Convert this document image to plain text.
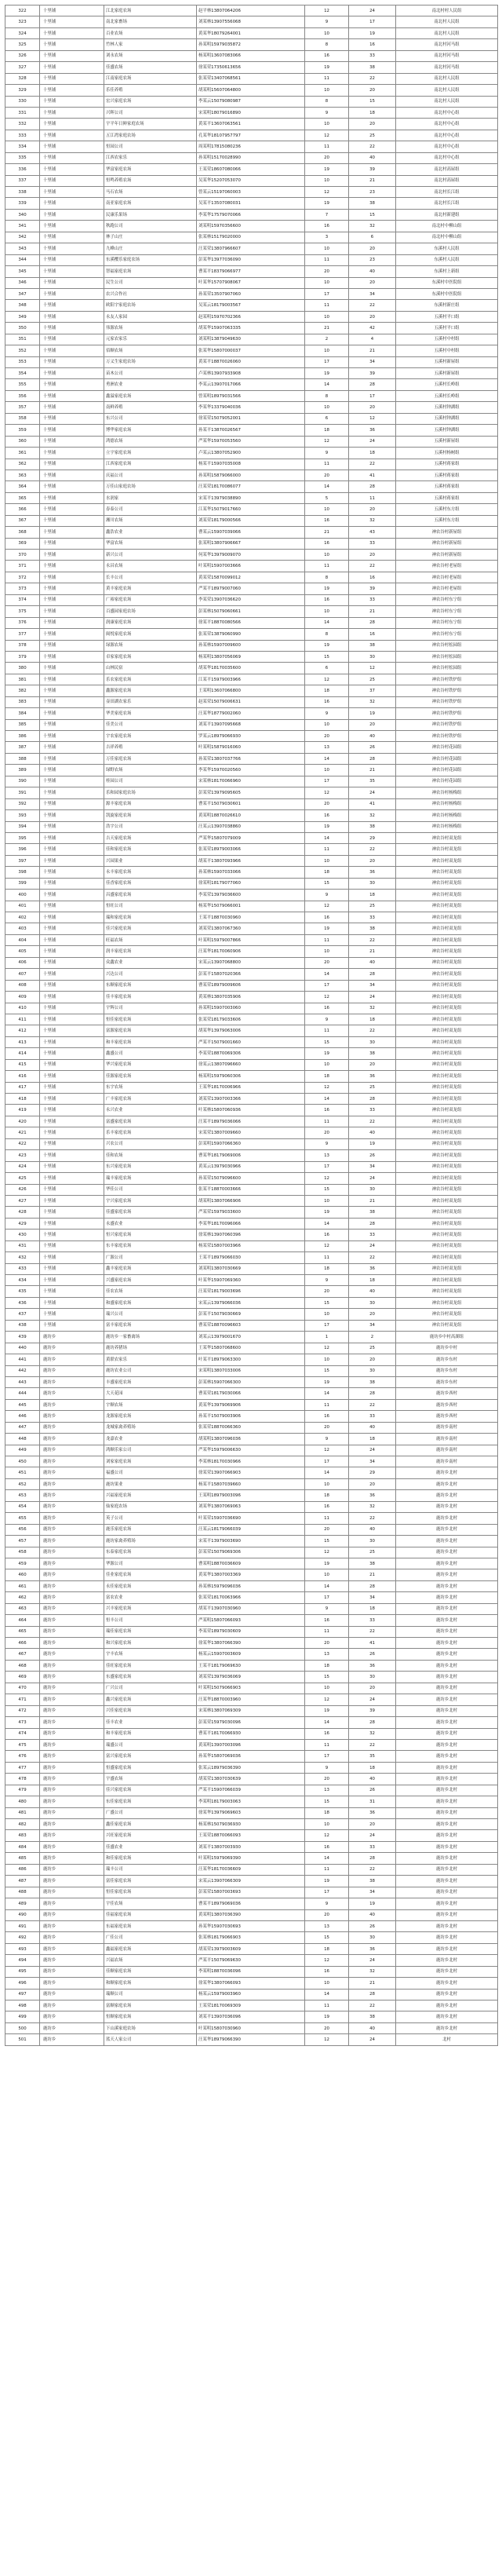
322	十里铺	江北家庭农场	赵平林13807064206	12	24	南北村村人民组
323	十里铺	南北家畜场	刘某林13907556068	9	17	南北村人民组
324	十里铺	百业农场	黄某华18079264001	10	19	南北村人民组
325	十里铺	竹林人家	孙某明15979035872	8	16	南北村河马组
326	十里铺	刘永农场	杨某明13607083066	16	33	南北村河马组
327	十里铺	佳盛农场	徐某荣17350613656	19	38	南北村河马组
328	十里铺	江南家庭农场	张某荣13407068561	11	22	南北村人民组
329	十里铺	乐佳养殖	胡某明15607064800	10	20	南北村人民组
330	十里铺	宏兴家庭农场	李某云15079080987	8	15	南北村人民组
331	十里铺	兴晖公司	宋某明18079016890	9	18	南北村中心组
332	十里铺	宇平年日鲜家庭农场	黄某平13607063561	10	20	南北村中心组
333	十里铺	五江湾家庭农场	孔某华18107957797	12	25	南北村中心组
334	十里铺	恒园公司	周某明17815080236	11	22	南北村中心组
335	十里铺	江西农家乐	孙某明15170028990	20	40	南北村中心组
336	十里铺	华富家庭农场	王某荣18607080066	19	39	南北村高屋组
337	十里铺	恒鸣养殖农场	吴某华15207053070	10	21	南北村高屋组
338	十里铺	马石农场	曾某云15197060003	12	23	南北村长江组
339	十里铺	南亚家庭农场	吴某平13507080031	19	38	南北村长江组
340	十里铺	民康乐果场	李某华17579070066	7	15	南北村新建组
341	十里铺	秋跑公司	刘某明15970356600	16	32	南北村中柳山组
342	十里铺	林子山庄	张某林15179020000	3	6	南北村中柳山组
343	十里铺	九峰山庄	汪某荣13807966607	10	20	东溪村人民组
344	十里铺	东溪樱乐家庭农场	彭某华13977036090	11	23	东溪村人民组
345	十里铺	智福家庭农场	曹某平18379066977	20	40	东溪村上新组
346	十里铺	民生公司	叶某华15707908067	10	20	东溪村中医院组
347	十里铺	农兴合作社	孙某荣13507907060	17	34	东溪村中医院组
348	十里铺	欧阳宇家庭农场	吴某云18179003567	11	22	东溪村新庄组
349	十里铺	永友人家园	赵某明15970702366	10	20	五溪村平口组
350	十里铺	伟源农场	胡某华15907063335	21	42	五溪村平口组
351	十里铺	元家农家乐	刘某明13879049630	2	4	五溪村中村组
352	十里铺	佰顺农场	张某华15807000037	10	21	五溪村中村组
353	十里铺	万义生家庭农场	黄某平18870026060	17	34	五溪村新屋组
354	十里铺	苗木公司	卢某林13907933908	19	39	五溪村新屋组
355	十里铺	勇洲农业	李某云13907017066	14	28	五溪村长岭组
356	十里铺	鑫溢家庭农场	曾某明18979031566	8	17	五溪村长岭组
357	十里铺	南鲜养殖	李某华13379040036	10	20	五溪村钟湖组
358	十里铺	东兴公司	徐某荣15079052001	6	12	五溪村钟湖组
359	十里铺	博华家庭农场	孙某平13870026567	18	36	五溪村钟湖组
360	十里铺	鸿德农场	严某华15970053560	12	24	五溪村新屋组
361	十里铺	立宇家庭农场	卢某云13807052900	9	18	五溪村杨树组
362	十里铺	江西家庭农场	杨某平15907035008	11	22	五溪村蒋家组
363	十里铺	庆福公司	孙某明15879066000	20	41	五溪村蒋家组
364	十里铺	万佳山家庭农场	汪某荣18170086077	14	28	五溪村蒋家组
365	十里铺	水润家	宋某平13979038890	5	11	五溪村蒋家组
366	十里铺	春泰公司	江某华15079017660	10	20	五溪村东方组
367	十里铺	湘川农场	刘某荣18179000566	16	32	五溪村东方组
368	十里铺	鑫浩农业	曹某云15907039066	21	43	神农谷村新屋组
369	十里铺	华富农场	张某明13807906667	16	33	神农谷村新屋组
370	十里铺	新兴公司	何某华13979009070	10	20	神农谷村新屋组
371	十里铺	永昌农场	叶某明15907003666	11	22	神农谷村老屋组
372	十里铺	长丰公司	黄某荣15870099012	8	16	神农谷村老屋组
373	十里铺	黄丰家庭农场	严某平18979007060	19	39	神农谷村老屋组
374	十里铺	广裕家庭农场	李某荣13907036620	16	33	神农谷村东宁组
375	十里铺	百盛园家庭农场	彭某林15079060661	10	21	神农谷村东宁组
376	十里铺	润康家庭农场	徐某平18870080566	14	28	神农谷村东宁组
377	十里铺	闽悦家庭农场	张某荣13879060990	8	16	神农谷村东宁组
378	十里铺	绿源农场	孙某林15907009600	19	38	神农谷村松园组
379	十里铺	卓家家庭农场	杨某明13807056069	15	30	神农谷村松园组
380	十里铺	山林民宿	胡某华18170035600	6	12	神农谷村松园组
381	十里铺	乐农家庭农场	江某平15979003966	12	25	神农谷村铁炉组
382	十里铺	鑫源家庭农场	王某明13607066800	18	37	神农谷村铁炉组
383	十里铺	壶田湖农家乐	赵某荣15079006631	16	32	神农谷村铁炉组
384	十里铺	华美家庭农场	汪某华18779002060	9	19	神农谷村铁炉组
385	十里铺	佳美公司	刘某平13907095668	10	20	神农谷村铁炉组
386	十里铺	宇农家庭农场	罗某云18979066930	20	40	神农谷村铁炉组
387	十里铺	吉祥养殖	叶某明15879016060	13	26	神农谷村花园组
388	十里铺	万佳家庭农场	孙某荣13807037766	14	28	神农谷村花园组
389	十里铺	绿野农场	李某华15970020560	10	21	神农谷村花园组
390	十里铺	桂园公司	宋某林18170066960	17	35	神农谷村花园组
391	十里铺	乐和园家庭农场	彭某荣13979095605	12	24	神农谷村杨梅组
392	十里铺	源丰家庭农场	曹某平15079030601	20	41	神农谷村杨梅组
393	十里铺	凯旋家庭农场	黄某明18870026610	16	32	神农谷村杨梅组
394	十里铺	浩宇公司	汪某云13907038860	19	38	神农谷村杨梅组
395	十里铺	吉天家庭农场	严某华15807079009	14	29	神农谷村双龙组
396	十里铺	佳和家庭农场	张某荣18979003066	11	22	神农谷村双龙组
397	十里铺	兴园果业	胡某平13807093966	10	20	神农谷村双龙组
398	十里铺	永丰家庭农场	孙某林15907033066	18	36	神农谷村双龙组
399	十里铺	佳香家庭农场	徐某明18179077060	15	30	神农谷村双龙组
400	十里铺	昌盛家庭农场	李某荣13979036600	9	18	神农谷村双龙组
401	十里铺	恒旺公司	杨某华15079066001	12	25	神农谷村双龙组
402	十里铺	瑞和家庭农场	王某平18870030960	16	33	神农谷村双龙组
403	十里铺	佳兴家庭农场	刘某荣13807067360	19	38	神农谷村双龙组
404	十里铺	旺福农场	叶某明15979007866	11	22	神农谷村双龙组
405	十里铺	润丰家庭农场	汪某华18170060906	10	21	神农谷村双龙组
406	十里铺	众鑫农业	宋某云13907068800	20	40	神农谷村双龙组
407	十里铺	兴达公司	彭某平15807020366	14	28	神农谷村双龙组
408	十里铺	东顺家庭农场	曹某荣18979009606	17	34	神农谷村双龙组
409	十里铺	佳丰家庭农场	黄某林13807035906	12	24	神农谷村双龙组
410	十里铺	宇辉公司	孙某明15907003060	16	32	神农谷村双龙组
411	十里铺	恒佳家庭农场	张某荣18179033606	9	18	神农谷村双龙组
412	十里铺	富源家庭农场	胡某华13979063006	11	22	神农谷村双龙组
413	十里铺	和丰家庭农场	严某平15079001660	15	30	神农谷村双龙组
414	十里铺	鑫盛公司	李某荣18870069306	19	38	神农谷村双龙组
415	十里铺	华兴家庭农场	徐某云13807096660	10	20	神农谷村双龙组
416	十里铺	佳源家庭农场	杨某明15979060306	18	36	神农谷村双龙组
417	十里铺	东宇农场	王某华18170006966	12	25	神农谷村双龙组
418	十里铺	广丰家庭农场	刘某荣13907003366	14	28	神农谷村双龙组
419	十里铺	永兴农业	叶某林15807060936	16	33	神农谷村双龙组
420	十里铺	富盛家庭农场	汪某平18979036066	11	22	神农谷村双龙组
421	十里铺	乐丰家庭农场	宋某荣13807009660	20	40	神农谷村双龙组
422	十里铺	兴农公司	彭某明15907066360	9	19	神农谷村双龙组
423	十里铺	佳和农场	曹某华18179069006	13	26	神农谷村双龙组
424	十里铺	东兴家庭农场	黄某云13979030966	17	34	神农谷村双龙组
425	十里铺	瑞丰家庭农场	孙某荣15079096600	12	24	神农谷村双龙组
426	十里铺	华佳公司	张某平18870003666	15	30	神农谷村双龙组
427	十里铺	宇兴家庭农场	胡某明13807066906	10	21	神农谷村双龙组
428	十里铺	佳盛家庭农场	严某荣15979033600	19	38	神农谷村双龙组
429	十里铺	永盛农业	李某华18170096066	14	28	神农谷村双龙组
430	十里铺	恒兴家庭农场	徐某林13907060396	16	33	神农谷村双龙组
431	十里铺	东丰家庭农场	杨某荣15807003966	12	24	神农谷村双龙组
432	十里铺	广源公司	王某平18979066030	11	22	神农谷村双龙组
433	十里铺	鑫丰家庭农场	刘某明13807030669	18	36	神农谷村双龙组
434	十里铺	兴盛家庭农场	叶某华15907069360	9	18	神农谷村双龙组
435	十里铺	佳农农场	汪某荣18179003696	20	40	神农谷村双龙组
436	十里铺	和盛家庭农场	宋某云13979066036	15	30	神农谷村双龙组
437	十里铺	瑞兴公司	彭某平15079030669	10	20	神农谷村双龙组
438	十里铺	富丰家庭农场	曹某荣18870096603	17	34	神农谷村双龙组
439	鹿坊乡	鹿坊乡一家畜禽场	刘某云13979001670	1	2	鹿坊乡中村高湖组
440	鹿坊乡	鹿坊养猪场	王某华15807068600	12	25	鹿坊乡中村
441	鹿坊乡	黄联农家乐	叶某平18979063300	10	20	鹿坊乡东村
442	鹿坊乡	鹿坊农业公司	宋某明13807033006	15	30	鹿坊乡东村
443	鹿坊乡	丰盛家庭农场	彭某林15907066300	19	38	鹿坊乡东村
444	鹿坊乡	大天花园	曹某荣18179030066	14	28	鹿坊乡西村
445	鹿坊乡	宇顺农场	黄某华13979069906	11	22	鹿坊乡西村
446	鹿坊乡	龙源家庭农场	孙某平15079003906	16	33	鹿坊乡西村
447	鹿坊乡	龙城家禽养殖场	张某荣18870066360	20	40	鹿坊乡南村
448	鹿坊乡	龙嘉农业	胡某明13807096036	9	18	鹿坊乡南村
449	鹿坊乡	鸿顺乐家公司	严某华15979006630	12	24	鹿坊乡南村
450	鹿坊乡	刘家家庭农场	李某林18170030966	17	34	鹿坊乡南村
451	鹿坊乡	福盛公司	徐某荣13907066903	14	29	鹿坊乡北村
452	鹿坊乡	鹿坊果业	杨某平15807039660	10	20	鹿坊乡北村
453	鹿坊乡	兴福家庭农场	王某明18979003096	18	36	鹿坊乡北村
454	鹿坊乡	仙家庭农场	刘某华13807069063	16	32	鹿坊乡北村
455	鹿坊乡	英子公司	叶某荣15907036690	11	22	鹿坊乡北村
456	鹿坊乡	鹿乐家庭农场	汪某云18179066039	20	40	鹿坊乡北村
457	鹿坊乡	鹿坊家禽养殖场	宋某平13979003690	15	30	鹿坊乡北村
458	鹿坊乡	东泰家庭农场	彭某荣15079069306	12	25	鹿坊乡北村
459	鹿坊乡	华源公司	曹某明18870036609	19	38	鹿坊乡北村
460	鹿坊乡	佳业家庭农场	黄某华13807003369	10	21	鹿坊乡北村
461	鹿坊乡	永佳家庭农场	孙某林15979096036	14	28	鹿坊乡北村
462	鹿坊乡	富农农业	张某荣18170063966	17	34	鹿坊乡北村
463	鹿坊乡	兴丰家庭农场	胡某平13907030960	9	18	鹿坊乡北村
464	鹿坊乡	恒丰公司	严某明15807066093	16	33	鹿坊乡北村
465	鹿坊乡	瑞佳家庭农场	李某荣18979030609	11	22	鹿坊乡北村
466	鹿坊乡	和兴家庭农场	徐某华13807066390	20	41	鹿坊乡北村
467	鹿坊乡	宇丰农场	杨某云15907003609	13	26	鹿坊乡北村
468	鹿坊乡	佳旺家庭农场	王某平18179069630	18	36	鹿坊乡北村
469	鹿坊乡	东盛家庭农场	刘某荣13979036069	15	30	鹿坊乡北村
470	鹿坊乡	广兴公司	叶某明15079066903	10	20	鹿坊乡北村
471	鹿坊乡	鑫兴家庭农场	汪某华18870003960	12	24	鹿坊乡北村
472	鹿坊乡	兴佳家庭农场	宋某林13807069309	19	39	鹿坊乡北村
473	鹿坊乡	佳丰农业	彭某荣15979030096	14	28	鹿坊乡北村
474	鹿坊乡	和丰家庭农场	曹某平18170066930	16	32	鹿坊乡北村
475	鹿坊乡	瑞盛公司	黄某明13907003096	11	22	鹿坊乡北村
476	鹿坊乡	富兴家庭农场	孙某华15807069036	17	35	鹿坊乡北村
477	鹿坊乡	恒盛家庭农场	张某云18979036390	9	18	鹿坊乡北村
478	鹿坊乡	宇盛农场	胡某荣13807030639	20	40	鹿坊乡北村
479	鹿坊乡	佳兴家庭农场	严某平15907066039	13	26	鹿坊乡北村
480	鹿坊乡	东佳家庭农场	李某明18179003063	15	31	鹿坊乡北村
481	鹿坊乡	广盛公司	徐某华13979069603	18	36	鹿坊乡北村
482	鹿坊乡	鑫佳家庭农场	杨某林15079036930	10	20	鹿坊乡北村
483	鹿坊乡	兴旺家庭农场	王某荣18870066093	12	24	鹿坊乡北村
484	鹿坊乡	佳盛农业	刘某平13807003930	16	33	鹿坊乡北村
485	鹿坊乡	和佳家庭农场	叶某明15979069390	14	28	鹿坊乡北村
486	鹿坊乡	瑞丰公司	汪某华18170036609	11	22	鹿坊乡北村
487	鹿坊乡	富佳家庭农场	宋某云13907066309	19	38	鹿坊乡北村
488	鹿坊乡	恒佳家庭农场	彭某荣15807003693	17	34	鹿坊乡北村
489	鹿坊乡	宇佳农场	曹某平18979069036	9	19	鹿坊乡北村
490	鹿坊乡	佳福家庭农场	黄某明13807036390	20	40	鹿坊乡北村
491	鹿坊乡	东福家庭农场	孙某华15907030693	13	26	鹿坊乡北村
492	鹿坊乡	广佳公司	张某林18179066903	15	30	鹿坊乡北村
493	鹿坊乡	鑫福家庭农场	胡某荣13979003609	18	36	鹿坊乡北村
494	鹿坊乡	兴福农场	严某平15079069630	12	24	鹿坊乡北村
495	鹿坊乡	佳顺家庭农场	李某明18870036096	16	32	鹿坊乡北村
496	鹿坊乡	和顺家庭农场	徐某华13807066093	10	21	鹿坊乡北村
497	鹿坊乡	瑞顺公司	杨某云15979003960	14	28	鹿坊乡北村
498	鹿坊乡	富顺家庭农场	王某荣18170069309	11	22	鹿坊乡北村
499	鹿坊乡	恒顺家庭农场	刘某平13907036096	19	38	鹿坊乡北村
500	鹿坊乡	下山溪家庭农场	叶某明15807030960	20	40	鹿坊乡北村
501	鹿坊乡	蓝天人家公司	汪某华18979066390	12	24	北村
